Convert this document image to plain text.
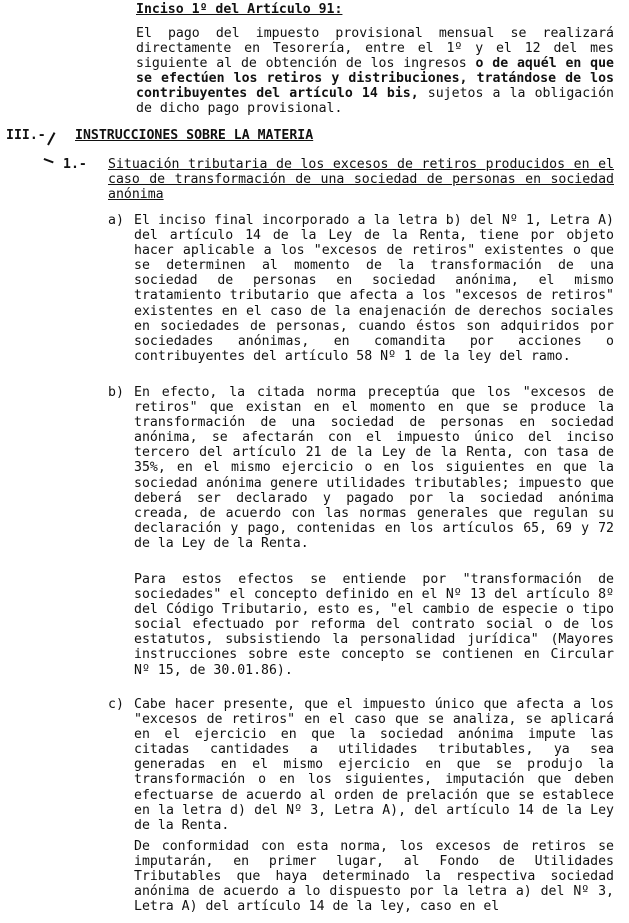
Inciso 1º del Artículo 91:

El pago del impuesto provisional mensual se realizará directamente en Tesorería, entre el 1º y el 12 del mes siguiente al de obtención de los ingresos o de aquél en que se efectúen los retiros y distribuciones, tratándose de los contribuyentes del artículo 14 bis, sujetos a la obligación de dicho pago provisional.

III.- INSTRUCCIONES SOBRE LA MATERIA
1.- Situación tributaria de los excesos de retiros producidos en el caso de transformación de una sociedad de personas en sociedad anónima
a) El inciso final incorporado a la letra b) del Nº 1, Letra A) del artículo 14 de la Ley de la Renta, tiene por objeto hacer aplicable a los "excesos de retiros" existentes o que se determinen al momento de la transformación de una sociedad de personas en sociedad anónima, el mismo tratamiento tributario que afecta a los "excesos de retiros" existentes en el caso de la enajenación de derechos sociales en sociedades de personas, cuando éstos son adquiridos por sociedades anónimas, en comandita por acciones o contribuyentes del artículo 58 Nº 1 de la ley del ramo.

b) En efecto, la citada norma preceptúa que los "excesos de retiros" que existan en el momento en que se produce la transformación de una sociedad de personas en sociedad anónima, se afectarán con el impuesto único del inciso tercero del artículo 21 de la Ley de la Renta, con tasa de 35%, en el mismo ejercicio o en los siguientes en que la sociedad anónima genere utilidades tributables; impuesto que deberá ser declarado y pagado por la sociedad anónima creada, de acuerdo con las normas generales que regulan su declaración y pago, contenidas en los artículos 65, 69 y 72 de la Ley de la Renta.

Para estos efectos se entiende por "transformación de sociedades" el concepto definido en el Nº 13 del artículo 8º del Código Tributario, esto es, "el cambio de especie o tipo social efectuado por reforma del contrato social o de los estatutos, subsistiendo la personalidad jurídica" (Mayores instrucciones sobre este concepto se contienen en Circular Nº 15, de 30.01.86).

c) Cabe hacer presente, que el impuesto único que afecta a los "excesos de retiros" en el caso que se analiza, se aplicará en el ejercicio en que la sociedad anónima impute las citadas cantidades a utilidades tributables, ya sea generadas en el mismo ejercicio en que se produjo la transformación o en los siguientes, imputación que deben efectuarse de acuerdo al orden de prelación que se establece en la letra d) del Nº 3, Letra A), del artículo 14 de la Ley de la Renta.

De conformidad con esta norma, los excesos de retiros se imputarán, en primer lugar, al Fondo de Utilidades Tributables que haya determinado la respectiva sociedad anónima de acuerdo a lo dispuesto por la letra a) del Nº 3, Letra A) del artículo 14 de la ley, caso en el
